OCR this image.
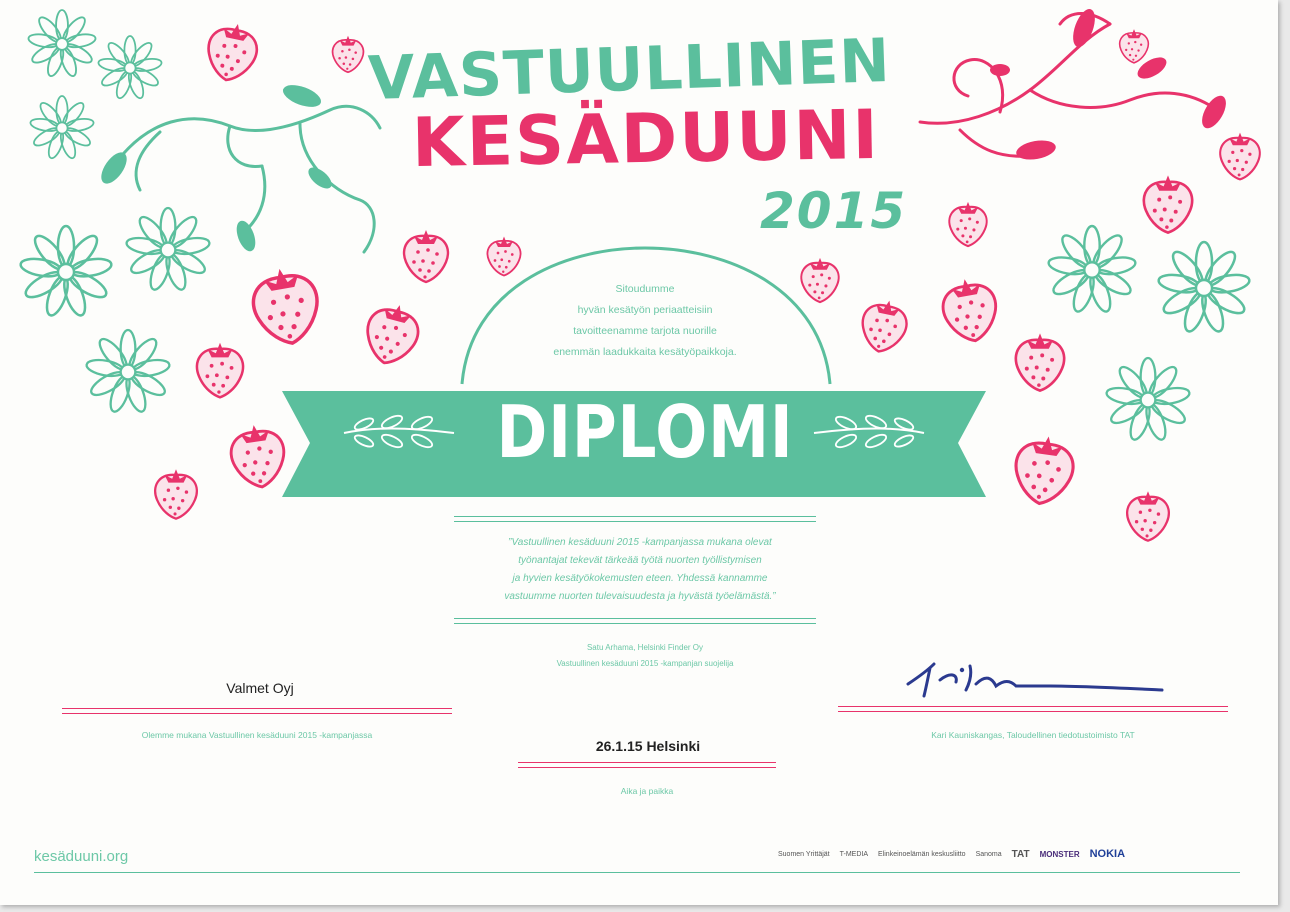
VASTUULLINEN
KESÄDUUNI
2015
Sitoudumme
hyvän kesätyön periaatteisiin
tavoitteenamme tarjota nuorille
enemmän laadukkaita kesätyöpaikkoja.
DIPLOMI
”Vastuullinen kesäduuni 2015 -kampanjassa mukana olevat
työnantajat tekevät tärkeää työtä nuorten työllistymisen
ja hyvien kesätyökokemusten eteen. Yhdessä kannamme
vastuumme nuorten tulevaisuudesta ja hyvästä työelämästä.”
Satu Arhama, Helsinki Finder Oy
Vastuullinen kesäduuni 2015 -kampanjan suojelija
Valmet Oyj
Olemme mukana Vastuullinen kesäduuni 2015 -kampanjassa	Kari Kauniskangas, Taloudellinen tiedotustoimisto TAT
26.1.15 Helsinki
Aika ja paikka
kesäduuni.org	Suomen Yrittäjät T-MEDIA Elinkeinoelämän keskusliitto Sanoma TAT MONSTER NOKIA
